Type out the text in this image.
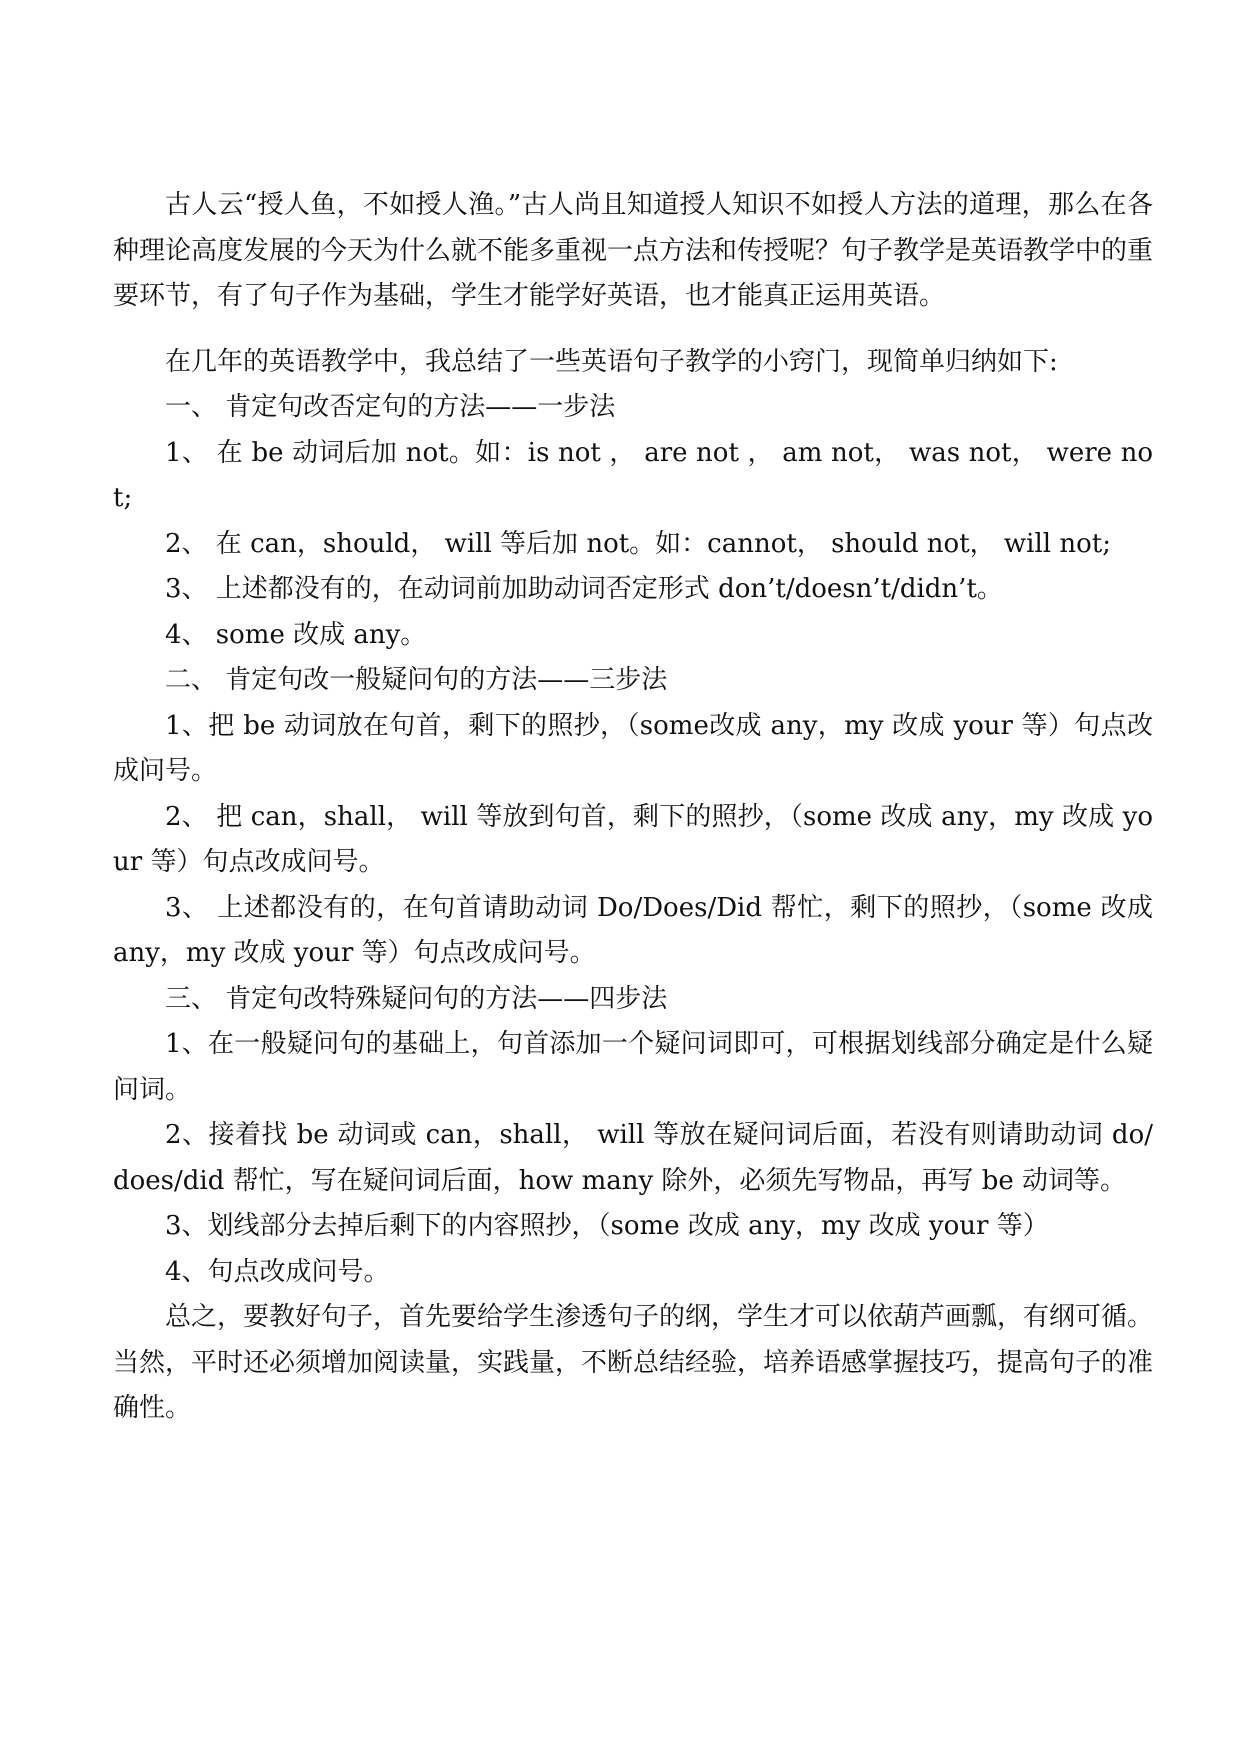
古人云“授人鱼，不如授人渔。”古人尚且知道授人知识不如授人方法的道理，那么在各种理论高度发展的今天为什么就不能多重视一点方法和传授呢？句子教学是英语教学中的重要环节，有了句子作为基础，学生才能学好英语，也才能真正运用英语。

在几年的英语教学中，我总结了一些英语句子教学的小窍门，现简单归纳如下:

一、 肯定句改否定句的方法——一步法

1、 在 be 动词后加 not。如：is not ， are not ， am not， was not， were not;

2、 在 can，should， will 等后加 not。如：cannot， should not， will not;

3、 上述都没有的，在动词前加助动词否定形式 don’t/doesn’t/didn’t。

4、 some 改成 any。

二、 肯定句改一般疑问句的方法——三步法

1、把 be 动词放在句首，剩下的照抄，（some改成 any，my 改成 your 等）句点改成问号。

2、 把 can，shall， will 等放到句首，剩下的照抄，（some 改成 any，my 改成 your 等）句点改成问号。

3、 上述都没有的，在句首请助动词 Do/Does/Did 帮忙，剩下的照抄，（some 改成 any，my 改成 your 等）句点改成问号。

三、 肯定句改特殊疑问句的方法——四步法

1、在一般疑问句的基础上，句首添加一个疑问词即可，可根据划线部分确定是什么疑问词。

2、接着找 be 动词或 can，shall， will 等放在疑问词后面，若没有则请助动词 do/does/did 帮忙，写在疑问词后面，how many 除外，必须先写物品，再写 be 动词等。

3、划线部分去掉后剩下的内容照抄，（some 改成 any，my 改成 your 等）

4、句点改成问号。

总之，要教好句子，首先要给学生渗透句子的纲，学生才可以依葫芦画瓢，有纲可循。当然，平时还必须增加阅读量，实践量，不断总结经验，培养语感掌握技巧，提高句子的准确性。
